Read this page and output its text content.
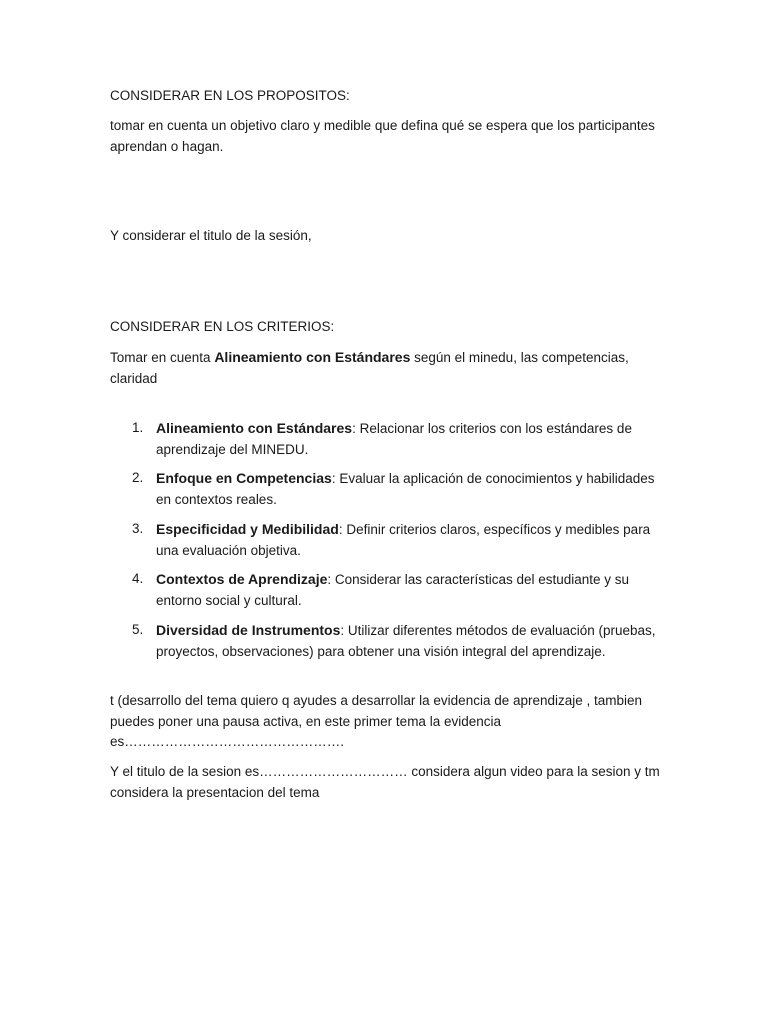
CONSIDERAR EN LOS PROPOSITOS:

tomar en cuenta un objetivo claro y medible que defina qué se espera que los participantes aprendan o hagan.

Y considerar el titulo de la sesión,

CONSIDERAR EN LOS CRITERIOS:

Tomar en cuenta Alineamiento con Estándares según el minedu, las competencias, claridad

1. Alineamiento con Estándares: Relacionar los criterios con los estándares de aprendizaje del MINEDU.
2. Enfoque en Competencias: Evaluar la aplicación de conocimientos y habilidades en contextos reales.
3. Especificidad y Medibilidad: Definir criterios claros, específicos y medibles para una evaluación objetiva.
4. Contextos de Aprendizaje: Considerar las características del estudiante y su entorno social y cultural.
5. Diversidad de Instrumentos: Utilizar diferentes métodos de evaluación (pruebas, proyectos, observaciones) para obtener una visión integral del aprendizaje.

t (desarrollo del tema quiero q ayudes a desarrollar la evidencia de aprendizaje , tambien puedes poner una pausa activa, en este primer tema la evidencia es………………………………………….

Y el titulo de la sesion es…………………………… considera algun video para la sesion y tm considera la presentacion del tema
